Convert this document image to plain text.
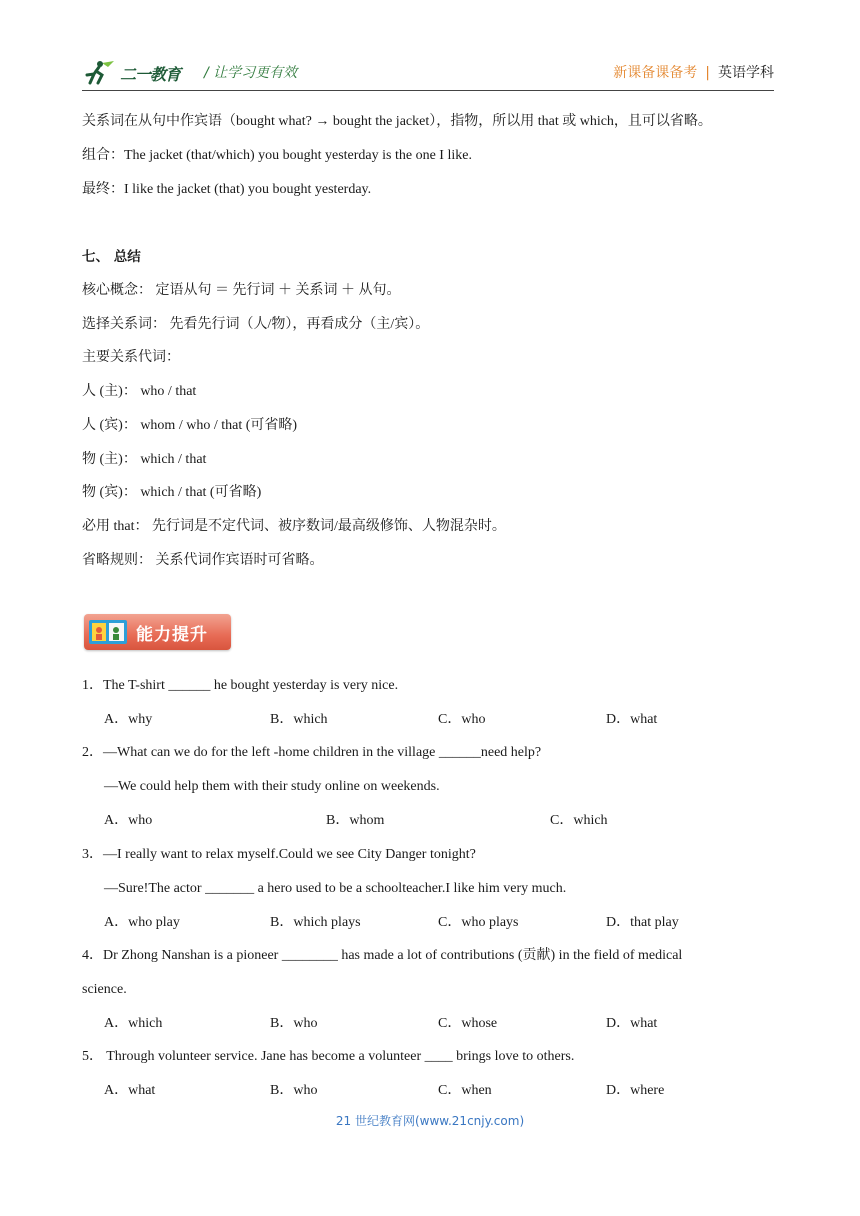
二一教育 / 让学习更有效	新课备课备考 | 英语学科
关系词在从句中作宾语（bought what? → bought the jacket），指物，所以用 that 或 which，且可以省略。
组合：The jacket (that/which) you bought yesterday is the one I like.
最终：I like the jacket (that) you bought yesterday.
七、 总结
核心概念： 定语从句 ＝ 先行词 ＋ 关系词 ＋ 从句。
选择关系词： 先看先行词（人/物），再看成分（主/宾）。
主要关系代词：
人 (主)： who / that
人 (宾)： whom / who / that (可省略)
物 (主)： which / that
物 (宾)： which / that (可省略)
必用 that： 先行词是不定代词、被序数词/最高级修饰、人物混杂时。
省略规则： 关系代词作宾语时可省略。
能力提升
1．The T-shirt ______ he bought yesterday is very nice.
A．why	B．which	C．who	D．what
2．—What can we do for the left -home children in the village ______need help?
—We could help them with their study online on weekends.
A．who	B．whom	C．which
3．—I really want to relax myself.Could we see City Danger tonight?
—Sure!The actor _______ a hero used to be a schoolteacher.I like him very much.
A．who play	B．which plays	C．who plays	D．that play
4．Dr Zhong Nanshan is a pioneer ________ has made a lot of contributions (贡献) in the field of medical
science.
A．which	B．who	C．whose	D．what
5． Through volunteer service. Jane has become a volunteer ____ brings love to others.
A．what	B．who	C．when	D．where
21 世纪教育网(www.21cnjy.com)
